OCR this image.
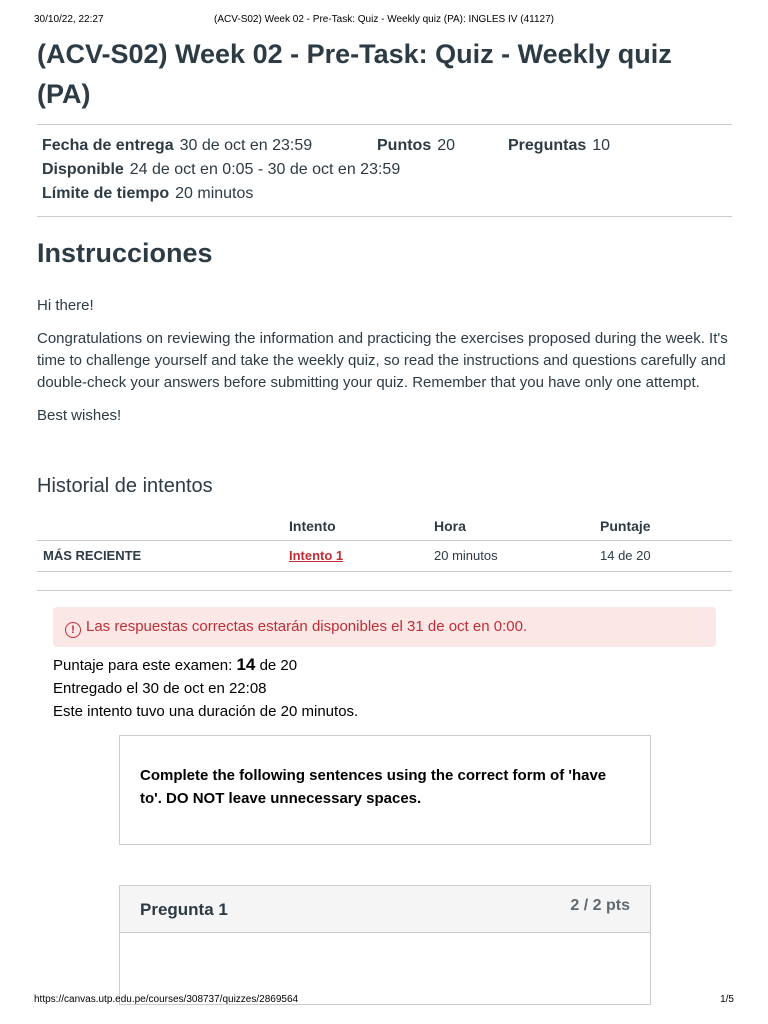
30/10/22, 22:27	(ACV-S02) Week 02 - Pre-Task: Quiz - Weekly quiz (PA): INGLES IV (41127)
(ACV-S02) Week 02 - Pre-Task: Quiz - Weekly quiz (PA)
Fecha de entrega 30 de oct en 23:59	Puntos 20	Preguntas 10
Disponible 24 de oct en 0:05 - 30 de oct en 23:59
Límite de tiempo 20 minutos
Instrucciones

Hi there!

Congratulations on reviewing the information and practicing the exercises proposed during the week. It's time to challenge yourself and take the weekly quiz, so read the instructions and questions carefully and double-check your answers before submitting your quiz. Remember that you have only one attempt.

Best wishes!

Historial de intentos
	Intento	Hora	Puntaje
MÁS RECIENTE	Intento 1	20 minutos	14 de 20
! Las respuestas correctas estarán disponibles el 31 de oct en 0:00.
Puntaje para este examen: 14 de 20
Entregado el 30 de oct en 22:08
Este intento tuvo una duración de 20 minutos.
Complete the following sentences using the correct form of 'have to'. DO NOT leave unnecessary spaces.
Pregunta 1	2 / 2 pts
https://canvas.utp.edu.pe/courses/308737/quizzes/2869564	1/5
